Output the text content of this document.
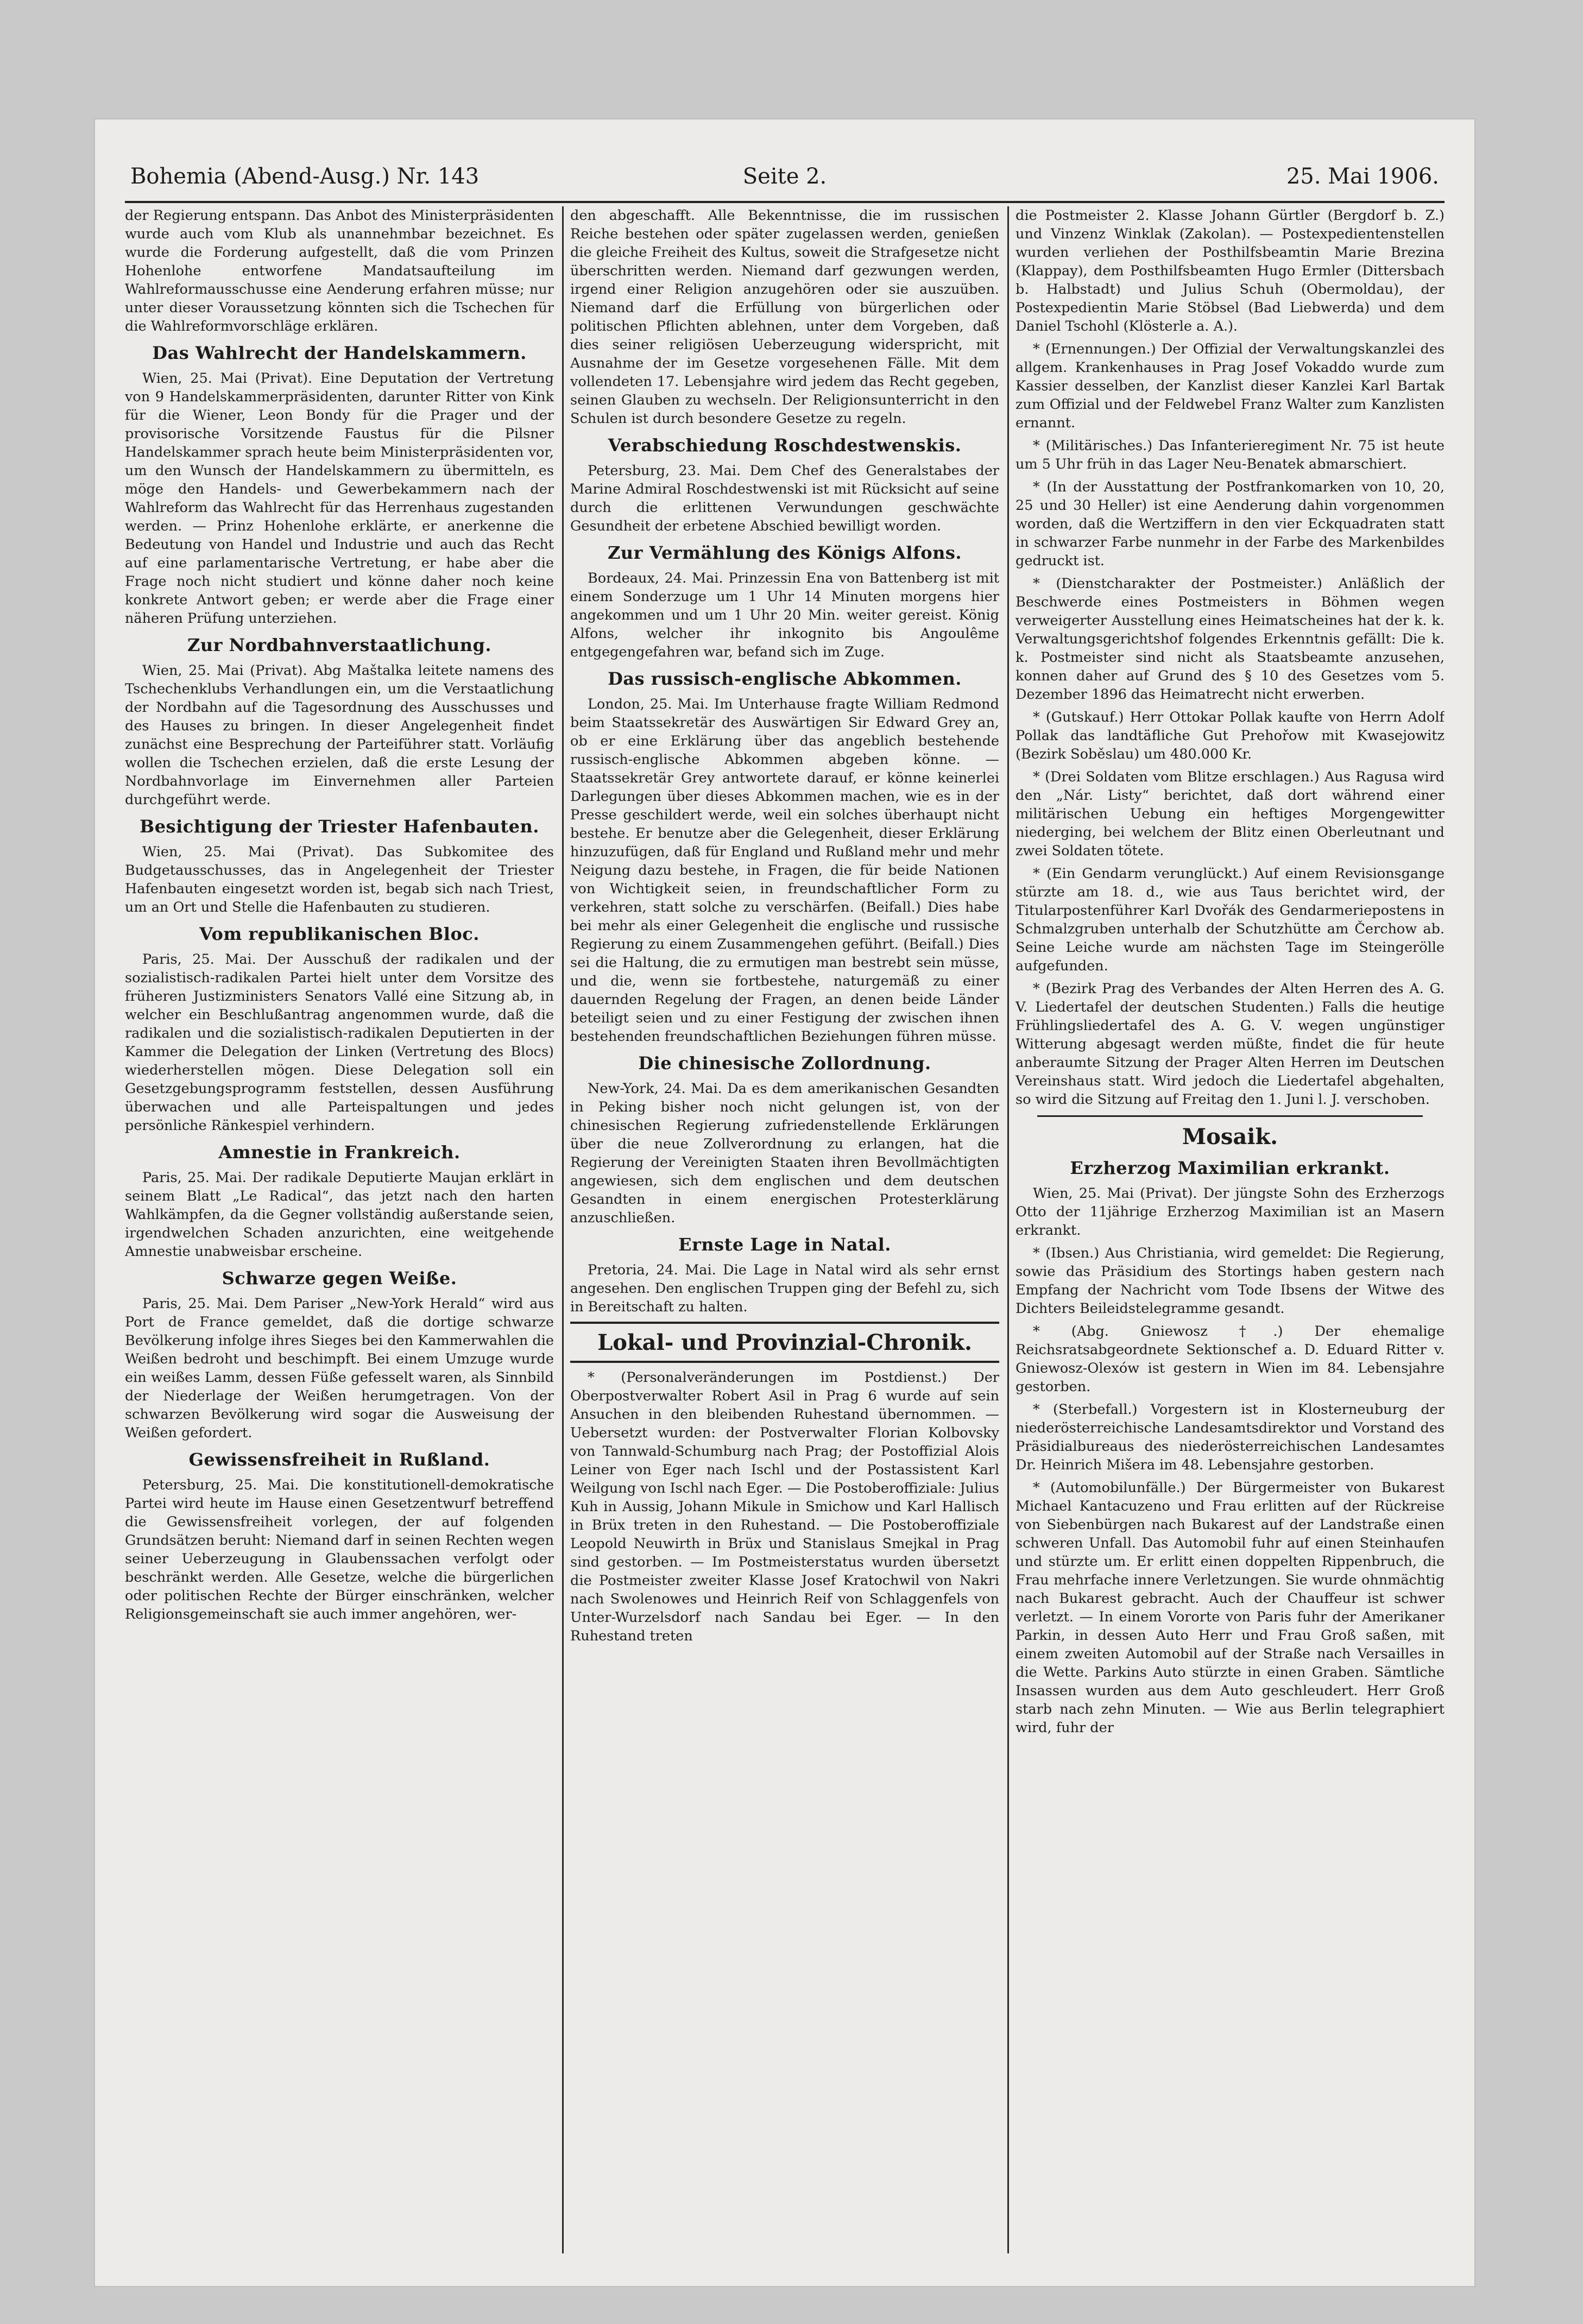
Bohemia (Abend-Ausg.) Nr. 143	Seite 2.	25. Mai 1906.

der Regierung entspann. Das Anbot des Ministerpräsidenten wurde auch vom Klub als unannehmbar bezeichnet. Es wurde die Forderung aufgestellt, daß die vom Prinzen Hohenlohe entworfene Mandatsaufteilung im Wahlreformausschusse eine Aenderung erfahren müsse; nur unter dieser Voraussetzung könnten sich die Tschechen für die Wahlreformvorschläge erklären.

Das Wahlrecht der Handelskammern.

Wien, 25. Mai (Privat). Eine Deputation der Vertretung von 9 Handelskammerpräsidenten, darunter Ritter von Kink für die Wiener, Leon Bondy für die Prager und der provisorische Vorsitzende Faustus für die Pilsner Handelskammer sprach heute beim Ministerpräsidenten vor, um den Wunsch der Handelskammern zu übermitteln, es möge den Handels- und Gewerbekammern nach der Wahlreform das Wahlrecht für das Herrenhaus zugestanden werden. — Prinz Hohenlohe erklärte, er anerkenne die Bedeutung von Handel und Industrie und auch das Recht auf eine parlamentarische Vertretung, er habe aber die Frage noch nicht studiert und könne daher noch keine konkrete Antwort geben; er werde aber die Frage einer näheren Prüfung unterziehen.

Zur Nordbahnverstaatlichung.

Wien, 25. Mai (Privat). Abg Maštalka leitete namens des Tschechenklubs Verhandlungen ein, um die Verstaatlichung der Nordbahn auf die Tagesordnung des Ausschusses und des Hauses zu bringen. In dieser Angelegenheit findet zunächst eine Besprechung der Parteiführer statt. Vorläufig wollen die Tschechen erzielen, daß die erste Lesung der Nordbahnvorlage im Einvernehmen aller Parteien durchgeführt werde.

Besichtigung der Triester Hafenbauten.

Wien, 25. Mai (Privat). Das Subkomitee des Budgetausschusses, das in Angelegenheit der Triester Hafenbauten eingesetzt worden ist, begab sich nach Triest, um an Ort und Stelle die Hafenbauten zu studieren.

Vom republikanischen Bloc.

Paris, 25. Mai. Der Ausschuß der radikalen und der sozialistisch-radikalen Partei hielt unter dem Vorsitze des früheren Justizministers Senators Vallé eine Sitzung ab, in welcher ein Beschlußantrag angenommen wurde, daß die radikalen und die sozialistisch-radikalen Deputierten in der Kammer die Delegation der Linken (Vertretung des Blocs) wiederherstellen mögen. Diese Delegation soll ein Gesetzgebungsprogramm feststellen, dessen Ausführung überwachen und alle Parteispaltungen und jedes persönliche Ränkespiel verhindern.

Amnestie in Frankreich.

Paris, 25. Mai. Der radikale Deputierte Maujan erklärt in seinem Blatt „Le Radical“, das jetzt nach den harten Wahlkämpfen, da die Gegner vollständig außerstande seien, irgendwelchen Schaden anzurichten, eine weitgehende Amnestie unabweisbar erscheine.

Schwarze gegen Weiße.

Paris, 25. Mai. Dem Pariser „New-York Herald“ wird aus Port de France gemeldet, daß die dortige schwarze Bevölkerung infolge ihres Sieges bei den Kammerwahlen die Weißen bedroht und beschimpft. Bei einem Umzuge wurde ein weißes Lamm, dessen Füße gefesselt waren, als Sinnbild der Niederlage der Weißen herumgetragen. Von der schwarzen Bevölkerung wird sogar die Ausweisung der Weißen gefordert.

Gewissensfreiheit in Rußland.

Petersburg, 25. Mai. Die konstitutionell-demokratische Partei wird heute im Hause einen Gesetzentwurf betreffend die Gewissensfreiheit vorlegen, der auf folgenden Grundsätzen beruht: Niemand darf in seinen Rechten wegen seiner Ueberzeugung in Glaubenssachen verfolgt oder beschränkt werden. Alle Gesetze, welche die bürgerlichen oder politischen Rechte der Bürger einschränken, welcher Religionsgemeinschaft sie auch immer angehören, wer-

den abgeschafft. Alle Bekenntnisse, die im russischen Reiche bestehen oder später zugelassen werden, genießen die gleiche Freiheit des Kultus, soweit die Strafgesetze nicht überschritten werden. Niemand darf gezwungen werden, irgend einer Religion anzugehören oder sie auszuüben. Niemand darf die Erfüllung von bürgerlichen oder politischen Pflichten ablehnen, unter dem Vorgeben, daß dies seiner religiösen Ueberzeugung widerspricht, mit Ausnahme der im Gesetze vorgesehenen Fälle. Mit dem vollendeten 17. Lebensjahre wird jedem das Recht gegeben, seinen Glauben zu wechseln. Der Religionsunterricht in den Schulen ist durch besondere Gesetze zu regeln.

Verabschiedung Roschdestwenskis.

Petersburg, 23. Mai. Dem Chef des Generalstabes der Marine Admiral Roschdestwenski ist mit Rücksicht auf seine durch die erlittenen Verwundungen geschwächte Gesundheit der erbetene Abschied bewilligt worden.

Zur Vermählung des Königs Alfons.

Bordeaux, 24. Mai. Prinzessin Ena von Battenberg ist mit einem Sonderzuge um 1 Uhr 14 Minuten morgens hier angekommen und um 1 Uhr 20 Min. weiter gereist. König Alfons, welcher ihr inkognito bis Angoulême entgegengefahren war, befand sich im Zuge.

Das russisch-englische Abkommen.

London, 25. Mai. Im Unterhause fragte William Redmond beim Staatssekretär des Auswärtigen Sir Edward Grey an, ob er eine Erklärung über das angeblich bestehende russisch-englische Abkommen abgeben könne. — Staatssekretär Grey antwortete darauf, er könne keinerlei Darlegungen über dieses Abkommen machen, wie es in der Presse geschildert werde, weil ein solches überhaupt nicht bestehe. Er benutze aber die Gelegenheit, dieser Erklärung hinzuzufügen, daß für England und Rußland mehr und mehr Neigung dazu bestehe, in Fragen, die für beide Nationen von Wichtigkeit seien, in freundschaftlicher Form zu verkehren, statt solche zu verschärfen. (Beifall.) Dies habe bei mehr als einer Gelegenheit die englische und russische Regierung zu einem Zusammengehen geführt. (Beifall.) Dies sei die Haltung, die zu ermutigen man bestrebt sein müsse, und die, wenn sie fortbestehe, naturgemäß zu einer dauernden Regelung der Fragen, an denen beide Länder beteiligt seien und zu einer Festigung der zwischen ihnen bestehenden freundschaftlichen Beziehungen führen müsse.

Die chinesische Zollordnung.

New-York, 24. Mai. Da es dem amerikanischen Gesandten in Peking bisher noch nicht gelungen ist, von der chinesischen Regierung zufriedenstellende Erklärungen über die neue Zollverordnung zu erlangen, hat die Regierung der Vereinigten Staaten ihren Bevollmächtigten angewiesen, sich dem englischen und dem deutschen Gesandten in einem energischen Protesterklärung anzuschließen.

Ernste Lage in Natal.

Pretoria, 24. Mai. Die Lage in Natal wird als sehr ernst angesehen. Den englischen Truppen ging der Befehl zu, sich in Bereitschaft zu halten.

Lokal- und Provinzial-Chronik.

* (Personalveränderungen im Postdienst.) Der Oberpostverwalter Robert Asil in Prag 6 wurde auf sein Ansuchen in den bleibenden Ruhestand übernommen. — Uebersetzt wurden: der Postverwalter Florian Kolbovsky von Tannwald-Schumburg nach Prag; der Postoffizial Alois Leiner von Eger nach Ischl und der Postassistent Karl Weilgung von Ischl nach Eger. — Die Postoberoffiziale: Julius Kuh in Aussig, Johann Mikule in Smichow und Karl Hallisch in Brüx treten in den Ruhestand. — Die Postoberoffiziale Leopold Neuwirth in Brüx und Stanislaus Smejkal in Prag sind gestorben. — Im Postmeisterstatus wurden übersetzt die Postmeister zweiter Klasse Josef Kratochwil von Nakri nach Swolenowes und Heinrich Reif von Schlaggenfels von Unter-Wurzelsdorf nach Sandau bei Eger. — In den Ruhestand treten

die Postmeister 2. Klasse Johann Gürtler (Bergdorf b. Z.) und Vinzenz Winklak (Zakolan). — Postexpedientenstellen wurden verliehen der Posthilfsbeamtin Marie Brezina (Klappay), dem Posthilfsbeamten Hugo Ermler (Dittersbach b. Halbstadt) und Julius Schuh (Obermoldau), der Postexpedientin Marie Stöbsel (Bad Liebwerda) und dem Daniel Tschohl (Klösterle a. A.).

* (Ernennungen.) Der Offizial der Verwaltungskanzlei des allgem. Krankenhauses in Prag Josef Vokaddo wurde zum Kassier desselben, der Kanzlist dieser Kanzlei Karl Bartak zum Offizial und der Feldwebel Franz Walter zum Kanzlisten ernannt.

* (Militärisches.) Das Infanterieregiment Nr. 75 ist heute um 5 Uhr früh in das Lager Neu-Benatek abmarschiert.

* (In der Ausstattung der Postfrankomarken von 10, 20, 25 und 30 Heller) ist eine Aenderung dahin vorgenommen worden, daß die Wertziffern in den vier Eckquadraten statt in schwarzer Farbe nunmehr in der Farbe des Markenbildes gedruckt ist.

* (Dienstcharakter der Postmeister.) Anläßlich der Beschwerde eines Postmeisters in Böhmen wegen verweigerter Ausstellung eines Heimatscheines hat der k. k. Verwaltungsgerichtshof folgendes Erkenntnis gefällt: Die k. k. Postmeister sind nicht als Staatsbeamte anzusehen, konnen daher auf Grund des § 10 des Gesetzes vom 5. Dezember 1896 das Heimatrecht nicht erwerben.

* (Gutskauf.) Herr Ottokar Pollak kaufte von Herrn Adolf Pollak das landtäfliche Gut Prehořow mit Kwasejowitz (Bezirk Soběslau) um 480.000 Kr.

* (Drei Soldaten vom Blitze erschlagen.) Aus Ragusa wird den „Nár. Listy“ berichtet, daß dort während einer militärischen Uebung ein heftiges Morgengewitter niederging, bei welchem der Blitz einen Oberleutnant und zwei Soldaten tötete.

* (Ein Gendarm verunglückt.) Auf einem Revisionsgange stürzte am 18. d., wie aus Taus berichtet wird, der Titularpostenführer Karl Dvořák des Gendarmeriepostens in Schmalzgruben unterhalb der Schutzhütte am Čerchow ab. Seine Leiche wurde am nächsten Tage im Steingerölle aufgefunden.

* (Bezirk Prag des Verbandes der Alten Herren des A. G. V. Liedertafel der deutschen Studenten.) Falls die heutige Frühlingsliedertafel des A. G. V. wegen ungünstiger Witterung abgesagt werden müßte, findet die für heute anberaumte Sitzung der Prager Alten Herren im Deutschen Vereinshaus statt. Wird jedoch die Liedertafel abgehalten, so wird die Sitzung auf Freitag den 1. Juni l. J. verschoben.

Mosaik.
Erzherzog Maximilian erkrankt.

Wien, 25. Mai (Privat). Der jüngste Sohn des Erzherzogs Otto der 11jährige Erzherzog Maximilian ist an Masern erkrankt.

* (Ibsen.) Aus Christiania, wird gemeldet: Die Regierung, sowie das Präsidium des Stortings haben gestern nach Empfang der Nachricht vom Tode Ibsens der Witwe des Dichters Beileidstelegramme gesandt.

* (Abg. Gniewosz †.) Der ehemalige Reichsratsabgeordnete Sektionschef a. D. Eduard Ritter v. Gniewosz-Olexów ist gestern in Wien im 84. Lebensjahre gestorben.

* (Sterbefall.) Vorgestern ist in Klosterneuburg der niederösterreichische Landesamtsdirektor und Vorstand des Präsidialbureaus des niederösterreichischen Landesamtes Dr. Heinrich Mišera im 48. Lebensjahre gestorben.

* (Automobilunfälle.) Der Bürgermeister von Bukarest Michael Kantacuzeno und Frau erlitten auf der Rückreise von Siebenbürgen nach Bukarest auf der Landstraße einen schweren Unfall. Das Automobil fuhr auf einen Steinhaufen und stürzte um. Er erlitt einen doppelten Rippenbruch, die Frau mehrfache innere Verletzungen. Sie wurde ohnmächtig nach Bukarest gebracht. Auch der Chauffeur ist schwer verletzt. — In einem Vororte von Paris fuhr der Amerikaner Parkin, in dessen Auto Herr und Frau Groß saßen, mit einem zweiten Automobil auf der Straße nach Versailles in die Wette. Parkins Auto stürzte in einen Graben. Sämtliche Insassen wurden aus dem Auto geschleudert. Herr Groß starb nach zehn Minuten. — Wie aus Berlin telegraphiert wird, fuhr der
